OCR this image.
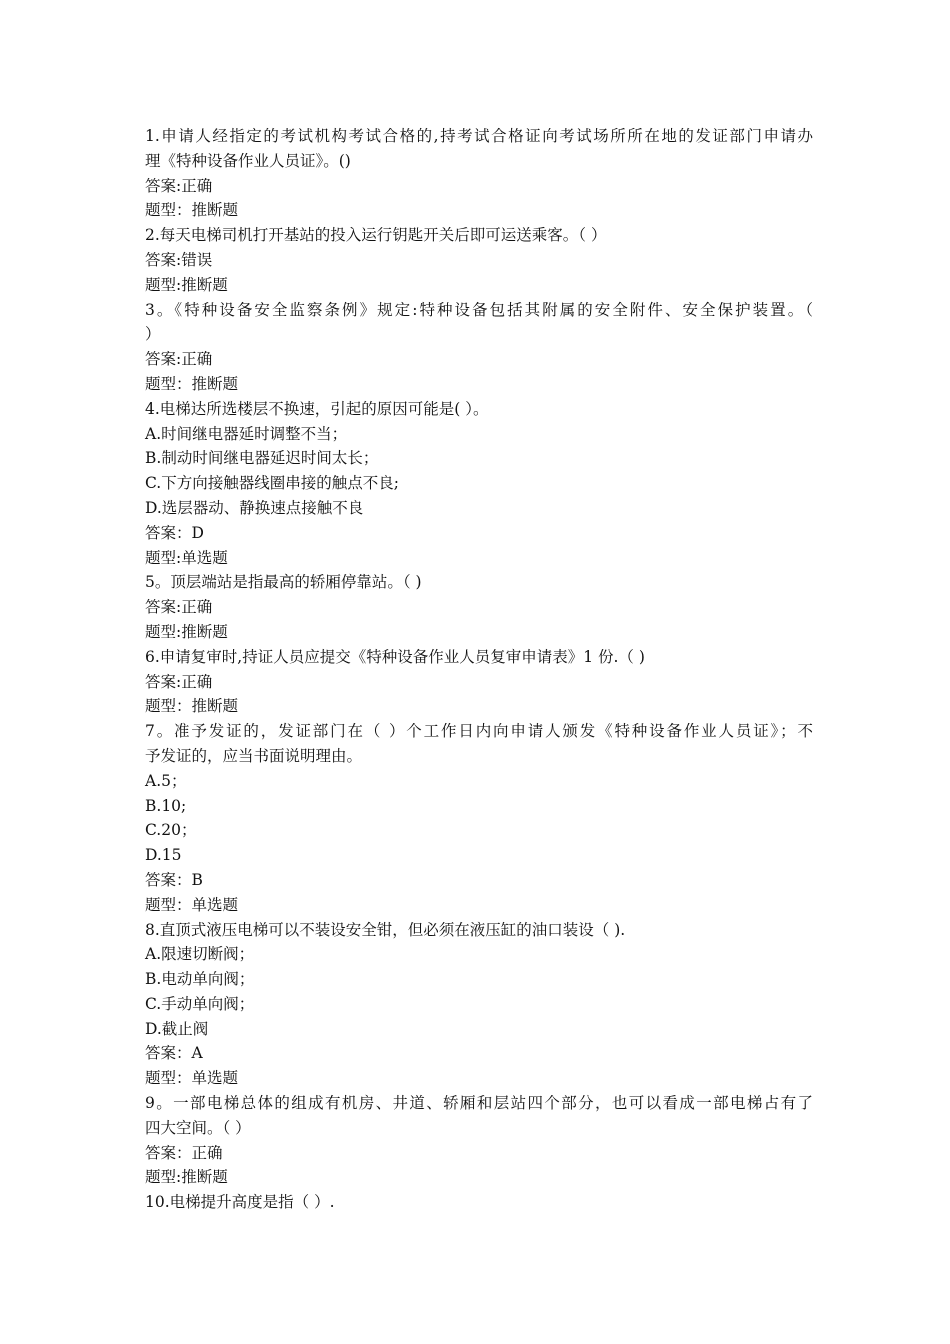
1.申请人经指定的考试机构考试合格的,持考试合格证向考试场所所在地的发证部门申请办
理《特种设备作业人员证》。()
答案:正确
题型：推断题
2.每天电梯司机打开基站的投入运行钥匙开关后即可运送乘客。（ ）
答案:错误
题型:推断题
3。《特种设备安全监察条例》规定:特种设备包括其附属的安全附件、安全保护装置。（
）
答案:正确
题型：推断题
4.电梯达所选楼层不换速，引起的原因可能是( ）。
A.时间继电器延时调整不当；
B.制动时间继电器延迟时间太长；
C.下方向接触器线圈串接的触点不良;
D.选层器动、静换速点接触不良
答案：D
题型:单选题
5。顶层端站是指最高的轿厢停靠站。（ )
答案:正确
题型:推断题
6.申请复审时,持证人员应提交《特种设备作业人员复审申请表》1 份.（ )
答案:正确
题型：推断题
7。准予发证的，发证部门在（ ）个工作日内向申请人颁发《特种设备作业人员证》；不
予发证的，应当书面说明理由。
A.5；
B.10;
C.20；
D.15
答案：B
题型：单选题
8.直顶式液压电梯可以不装设安全钳，但必须在液压缸的油口装设（ ).
A.限速切断阀；
B.电动单向阀；
C.手动单向阀；
D.截止阀
答案：A
题型：单选题
9。一部电梯总体的组成有机房、井道、轿厢和层站四个部分，也可以看成一部电梯占有了
四大空间。（ ）
答案：正确
题型:推断题
10.电梯提升高度是指（ ）.
